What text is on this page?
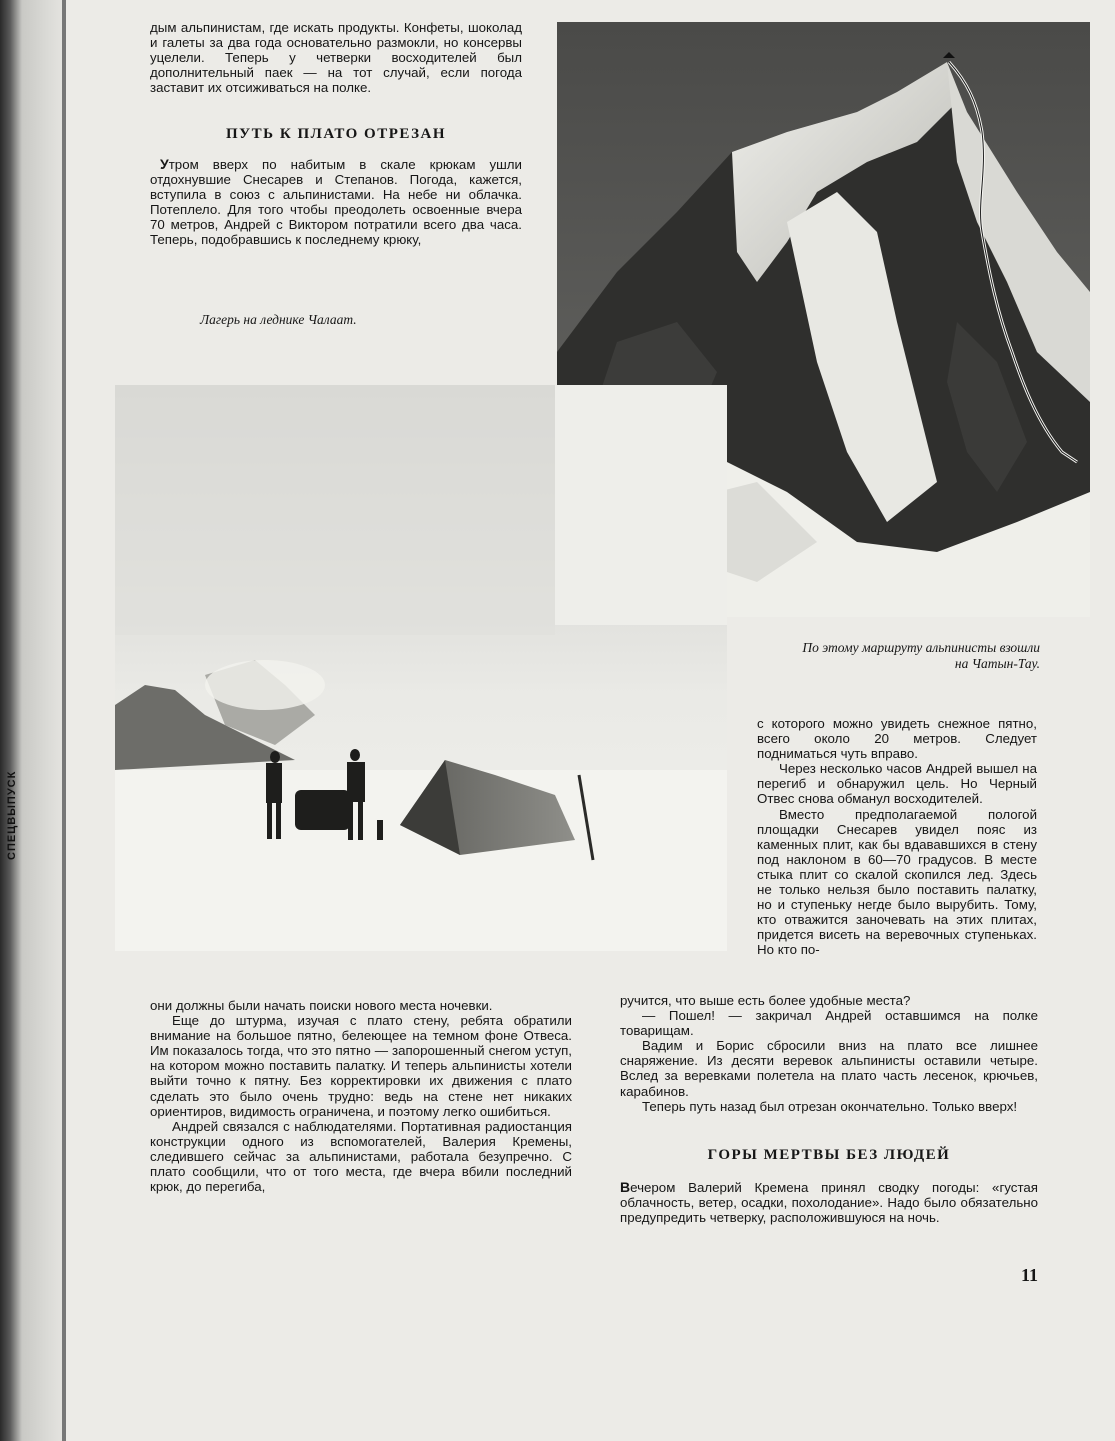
СПЕЦВЫПУСК

дым альпинистам, где искать продукты. Конфеты, шоколад и галеты за два года основательно размокли, но консервы уцелели. Теперь у четверки восходителей был дополнительный паек — на тот случай, если погода заставит их отсиживаться на полке.

ПУТЬ К ПЛАТО ОТРЕЗАН

Утром вверх по набитым в скале крюкам ушли отдохнувшие Снесарев и Степанов. Погода, кажется, вступила в союз с альпинистами. На небе ни облачка. Потеплело. Для того чтобы преодолеть освоенные вчера 70 метров, Андрей с Виктором потратили всего два часа. Теперь, подобравшись к последнему крюку,

Лагерь на леднике Чалаат.
По этому маршруту альпинисты взошли на Чатын-Тау.

с которого можно увидеть снежное пятно, всего около 20 метров. Следует подниматься чуть вправо.

Через несколько часов Андрей вышел на перегиб и обнаружил цель. Но Черный Отвес снова обманул восходителей.

Вместо предполагаемой пологой площадки Снесарев увидел пояс из каменных плит, как бы вдававшихся в стену под наклоном в 60—70 градусов. В месте стыка плит со скалой скопился лед. Здесь не только нельзя было поставить палатку, но и ступеньку негде было вырубить. Тому, кто отважится заночевать на этих плитах, придется висеть на веревочных ступеньках. Но кто по-

они должны были начать поиски нового места ночевки.

Еще до штурма, изучая с плато стену, ребята обратили внимание на большое пятно, белеющее на темном фоне Отвеса. Им показалось тогда, что это пятно — запорошенный снегом уступ, на котором можно поставить палатку. И теперь альпинисты хотели выйти точно к пятну. Без корректировки их движения с плато сделать это было очень трудно: ведь на стене нет никаких ориентиров, видимость ограничена, и поэтому легко ошибиться.

Андрей связался с наблюдателями. Портативная радиостанция конструкции одного из вспомогателей, Валерия Кремены, следившего сейчас за альпинистами, работала безупречно. С плато сообщили, что от того места, где вчера вбили последний крюк, до перегиба,

ручится, что выше есть более удобные места?

— Пошел! — закричал Андрей оставшимся на полке товарищам.

Вадим и Борис сбросили вниз на плато все лишнее снаряжение. Из десяти веревок альпинисты оставили четыре. Вслед за веревками полетела на плато часть лесенок, крючьев, карабинов.

Теперь путь назад был отрезан окончательно. Только вверх!

ГОРЫ МЕРТВЫ БЕЗ ЛЮДЕЙ

Вечером Валерий Кремена принял сводку погоды: «густая облачность, ветер, осадки, похолодание». Надо было обязательно предупредить четверку, расположившуюся на ночь.

11
